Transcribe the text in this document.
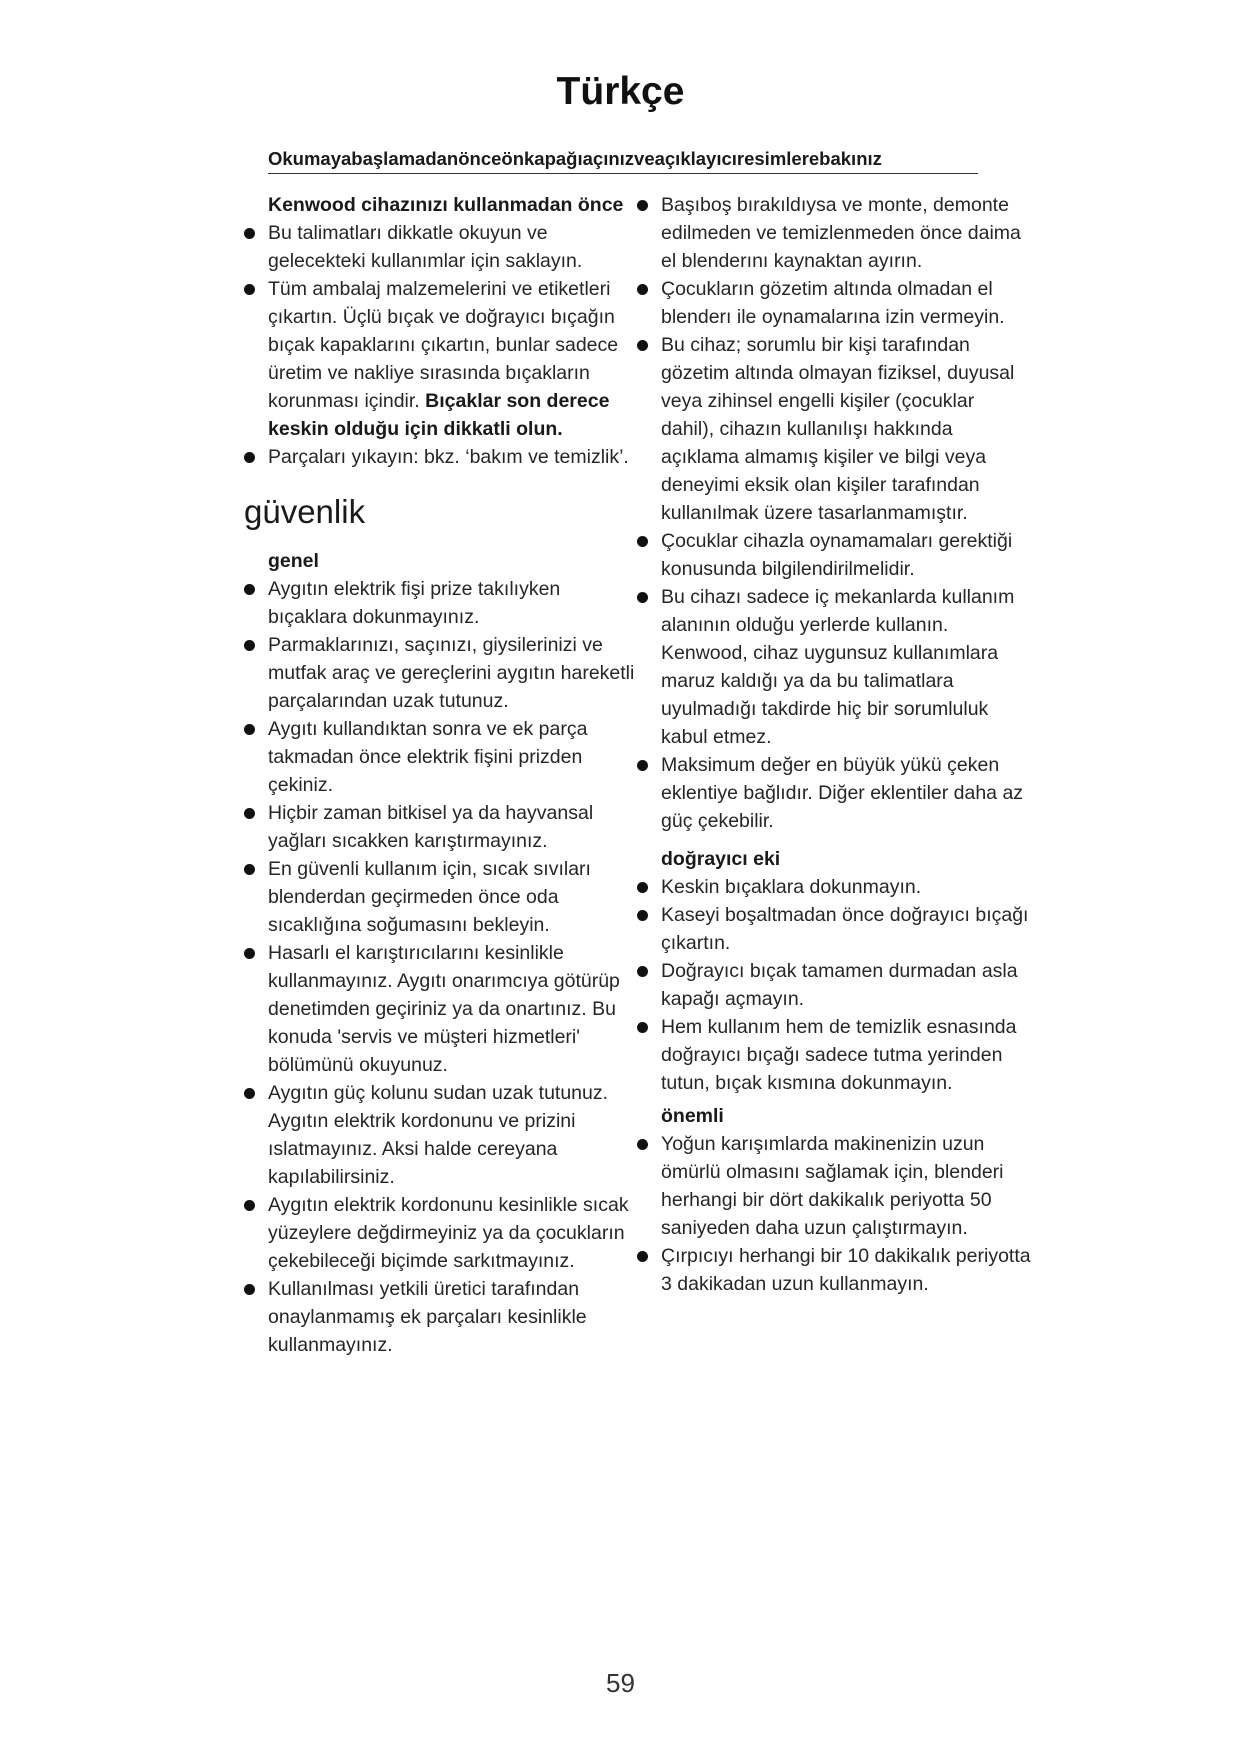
Türkçe
Okumayabaşlamadanönceönkapağıaçınızveaçıklayıcıresimlerebakınız
Kenwood cihazınızı kullanmadan önce
Bu talimatları dikkatle okuyun ve gelecekteki kullanımlar için saklayın.
Tüm ambalaj malzemelerini ve etiketleri çıkartın. Üçlü bıçak ve doğrayıcı bıçağın bıçak kapaklarını çıkartın, bunlar sadece üretim ve nakliye sırasında bıçakların korunması içindir. Bıçaklar son derece keskin olduğu için dikkatli olun.
Parçaları yıkayın: bkz. ‘bakım ve temizlik’.
güvenlik
genel
Aygıtın elektrik fişi prize takılıyken bıçaklara dokunmayınız.
Parmaklarınızı, saçınızı, giysilerinizi ve mutfak araç ve gereçlerini aygıtın hareketli parçalarından uzak tutunuz.
Aygıtı kullandıktan sonra ve ek parça takmadan önce elektrik fişini prizden çekiniz.
Hiçbir zaman bitkisel ya da hayvansal yağları sıcakken karıştırmayınız.
En güvenli kullanım için, sıcak sıvıları blenderdan geçirmeden önce oda sıcaklığına soğumasını bekleyin.
Hasarlı el karıştırıcılarını kesinlikle kullanmayınız. Aygıtı onarımcıya götürüp denetimden geçiriniz ya da onartınız. Bu konuda 'servis ve müşteri hizmetleri' bölümünü okuyunuz.
Aygıtın güç kolunu sudan uzak tutunuz. Aygıtın elektrik kordonunu ve prizini ıslatmayınız. Aksi halde cereyana kapılabilirsiniz.
Aygıtın elektrik kordonunu kesinlikle sıcak yüzeylere değdirmeyiniz ya da çocukların çekebileceği biçimde sarkıtmayınız.
Kullanılması yetkili üretici tarafından onaylanmamış ek parçaları kesinlikle kullanmayınız.
Başıboş bırakıldıysa ve monte, demonte edilmeden ve temizlenmeden önce daima el blenderını kaynaktan ayırın.
Çocukların gözetim altında olmadan el blenderı ile oynamalarına izin vermeyin.
Bu cihaz; sorumlu bir kişi tarafından gözetim altında olmayan fiziksel, duyusal veya zihinsel engelli kişiler (çocuklar dahil), cihazın kullanılışı hakkında açıklama almamış kişiler ve bilgi veya deneyimi eksik olan kişiler tarafından kullanılmak üzere tasarlanmamıştır.
Çocuklar cihazla oynamamaları gerektiği konusunda bilgilendirilmelidir.
Bu cihazı sadece iç mekanlarda kullanım alanının olduğu yerlerde kullanın. Kenwood, cihaz uygunsuz kullanımlara maruz kaldığı ya da bu talimatlara uyulmadığı takdirde hiç bir sorumluluk kabul etmez.
Maksimum değer en büyük yükü çeken eklentiye bağlıdır. Diğer eklentiler daha az güç çekebilir.
doğrayıcı eki
Keskin bıçaklara dokunmayın.
Kaseyi boşaltmadan önce doğrayıcı bıçağı çıkartın.
Doğrayıcı bıçak tamamen durmadan asla kapağı açmayın.
Hem kullanım hem de temizlik esnasında doğrayıcı bıçağı sadece tutma yerinden tutun, bıçak kısmına dokunmayın.
önemli
Yoğun karışımlarda makinenizin uzun ömürlü olmasını sağlamak için, blenderi herhangi bir dört dakikalık periyotta 50 saniyeden daha uzun çalıştırmayın.
Çırpıcıyı herhangi bir 10 dakikalık periyotta 3 dakikadan uzun kullanmayın.
59
